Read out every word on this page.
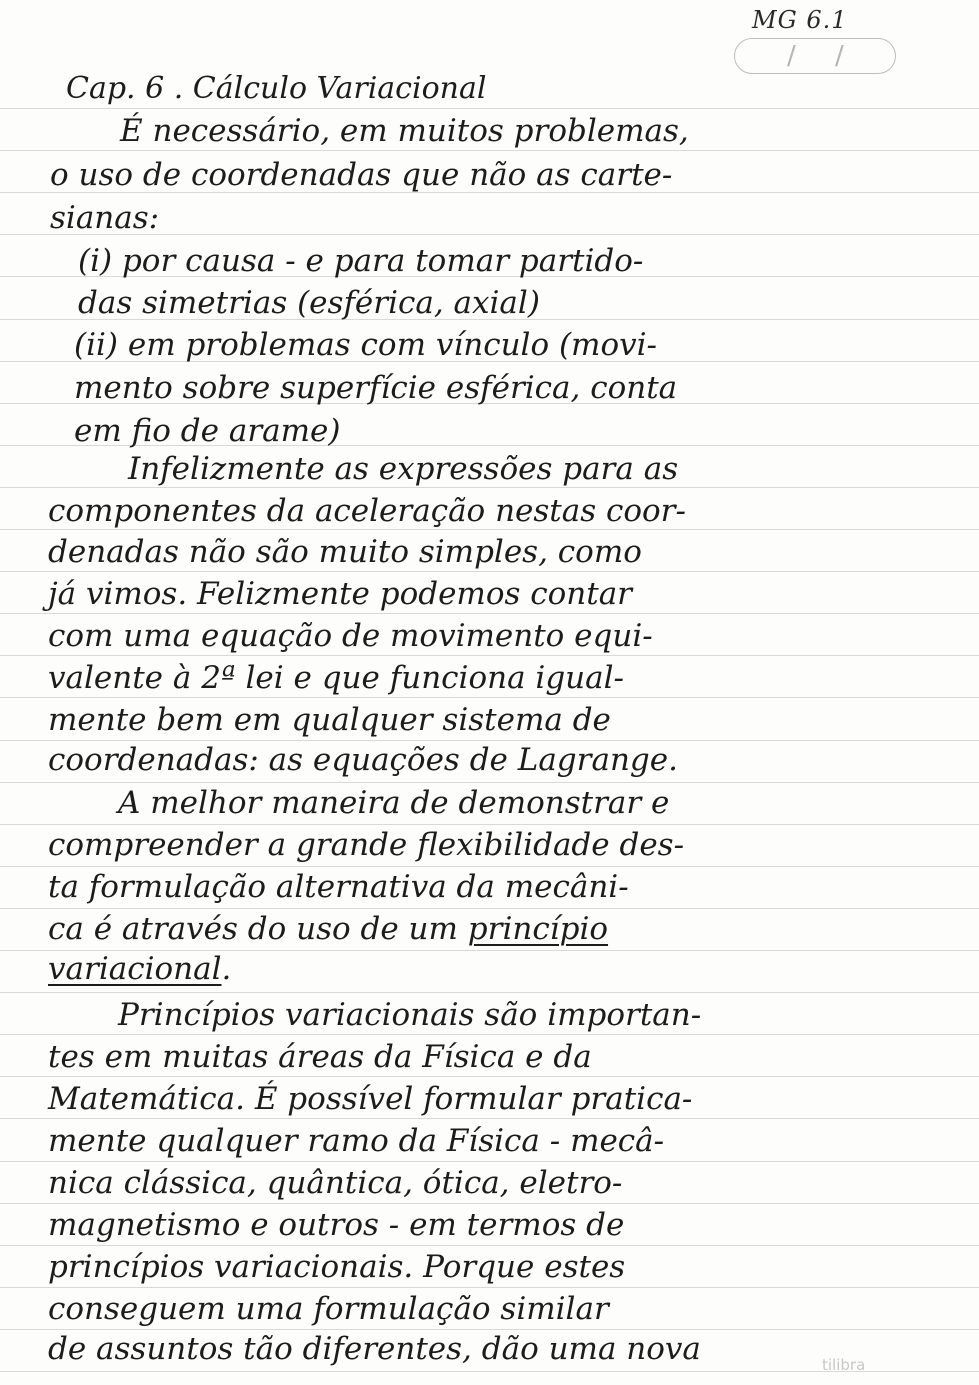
MG 6.1
/ /
Cap. 6 . Cálculo Variacional
É necessário, em muitos problemas,
o uso de coordenadas que não as carte-
sianas:
(i) por causa - e para tomar partido-
das simetrias (esférica, axial)
(ii) em problemas com vínculo (movi-
mento sobre superfície esférica, conta
em fio de arame)
Infelizmente as expressões para as
componentes da aceleração nestas coor-
denadas não são muito simples, como
já vimos. Felizmente podemos contar
com uma equação de movimento equi-
valente à 2ª lei e que funciona igual-
mente bem em qualquer sistema de
coordenadas: as equações de Lagrange.
A melhor maneira de demonstrar e
compreender a grande flexibilidade des-
ta formulação alternativa da mecâni-
ca é através do uso de um princípio
variacional.
Princípios variacionais são importan-
tes em muitas áreas da Física e da
Matemática. É possível formular pratica-
mente qualquer ramo da Física - mecâ-
nica clássica, quântica, ótica, eletro-
magnetismo e outros - em termos de
princípios variacionais. Porque estes
conseguem uma formulação similar
de assuntos tão diferentes, dão uma nova	tilibra
